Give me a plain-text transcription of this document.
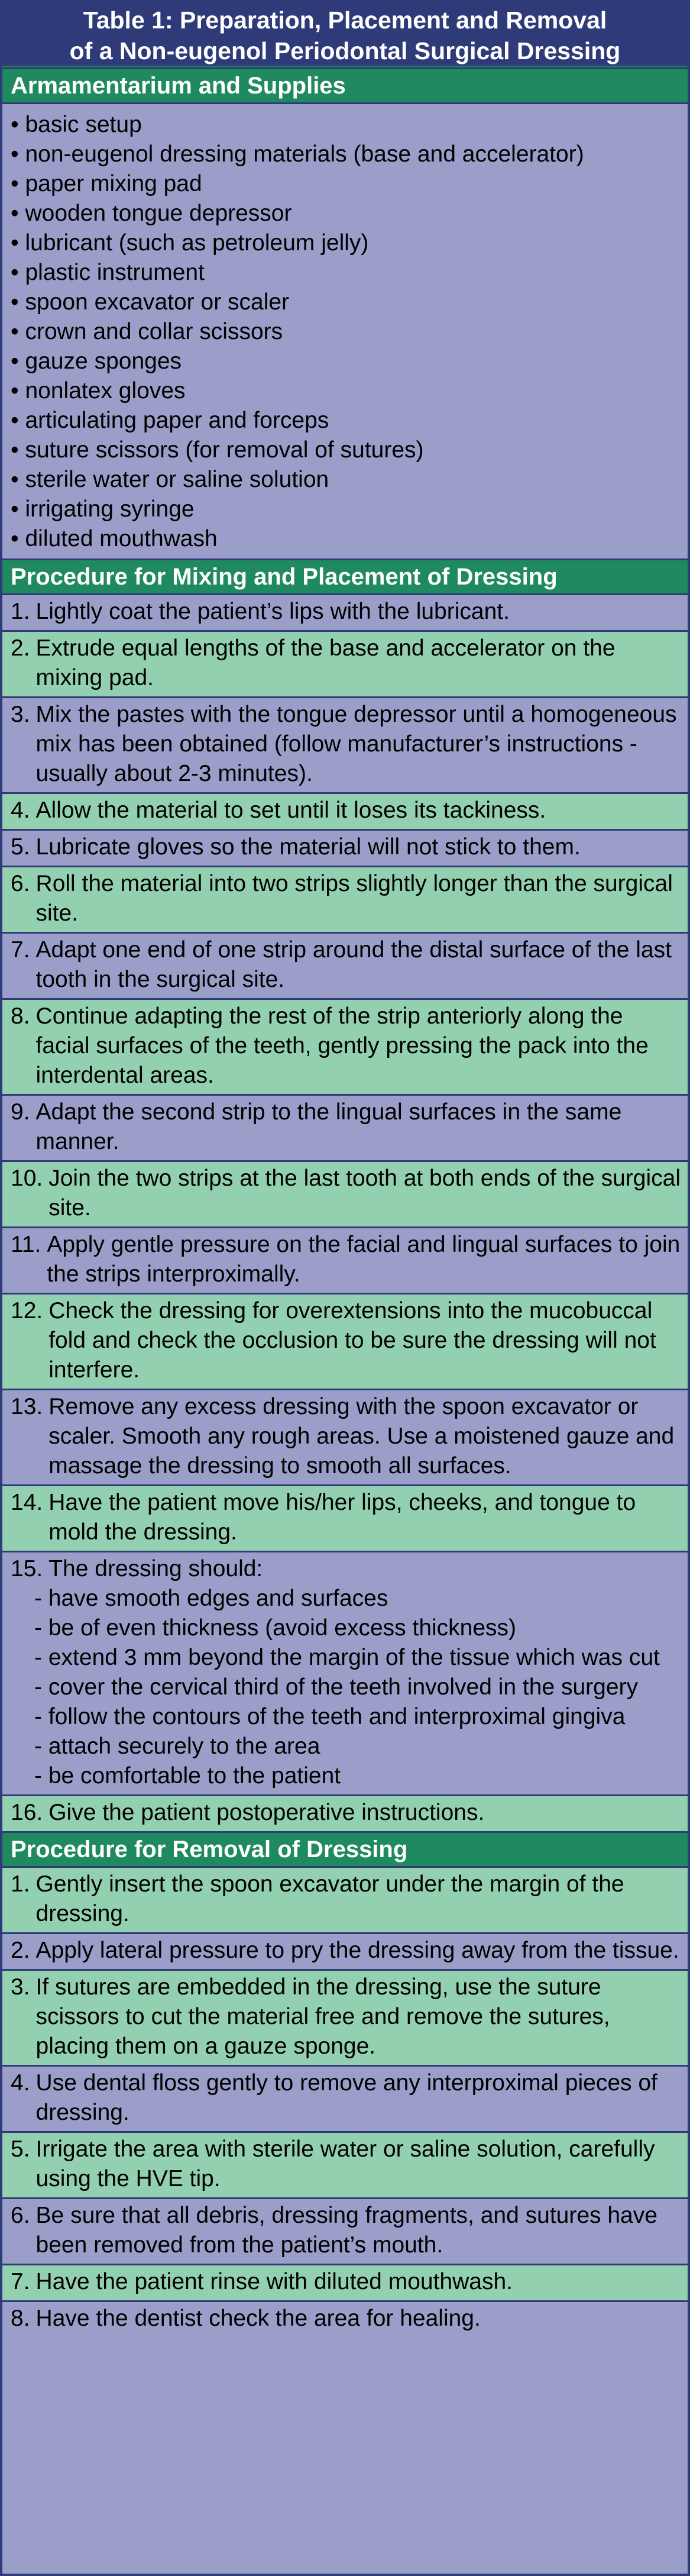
Table 1: Preparation, Placement and Removal
of a Non-eugenol Periodontal Surgical Dressing
Armamentarium and Supplies
• basic setup
• non-eugenol dressing materials (base and accelerator)
• paper mixing pad
• wooden tongue depressor
• lubricant (such as petroleum jelly)
• plastic instrument
• spoon excavator or scaler
• crown and collar scissors
• gauze sponges
• nonlatex gloves
• articulating paper and forceps
• suture scissors (for removal of sutures)
• sterile water or saline solution
• irrigating syringe
• diluted mouthwash
Procedure for Mixing and Placement of Dressing
1. Lightly coat the patient’s lips with the lubricant.
2. Extrude equal lengths of the base and accelerator on the mixing pad.
3. Mix the pastes with the tongue depressor until a homogeneous mix has been obtained (follow manufacturer’s instructions - usually about 2-3 minutes).
4. Allow the material to set until it loses its tackiness.
5. Lubricate gloves so the material will not stick to them.
6. Roll the material into two strips slightly longer than the surgical site.
7. Adapt one end of one strip around the distal surface of the last tooth in the surgical site.
8. Continue adapting the rest of the strip anteriorly along the facial surfaces of the teeth, gently pressing the pack into the interdental areas.
9. Adapt the second strip to the lingual surfaces in the same manner.
10. Join the two strips at the last tooth at both ends of the surgical site.
11. Apply gentle pressure on the facial and lingual surfaces to join the strips interproximally.
12. Check the dressing for overextensions into the mucobuccal fold and check the occlusion to be sure the dressing will not interfere.
13. Remove any excess dressing with the spoon excavator or scaler. Smooth any rough areas. Use a moistened gauze and massage the dressing to smooth all surfaces.
14. Have the patient move his/her lips, cheeks, and tongue to mold the dressing.
15. The dressing should:
- have smooth edges and surfaces
- be of even thickness (avoid excess thickness)
- extend 3 mm beyond the margin of the tissue which was cut
- cover the cervical third of the teeth involved in the surgery
- follow the contours of the teeth and interproximal gingiva
- attach securely to the area
- be comfortable to the patient
16. Give the patient postoperative instructions.
Procedure for Removal of Dressing
1. Gently insert the spoon excavator under the margin of the dressing.
2. Apply lateral pressure to pry the dressing away from the tissue.
3. If sutures are embedded in the dressing, use the suture scissors to cut the material free and remove the sutures, placing them on a gauze sponge.
4. Use dental floss gently to remove any interproximal pieces of dressing.
5. Irrigate the area with sterile water or saline solution, carefully using the HVE tip.
6. Be sure that all debris, dressing fragments, and sutures have been removed from the patient’s mouth.
7. Have the patient rinse with diluted mouthwash.
8. Have the dentist check the area for healing.
